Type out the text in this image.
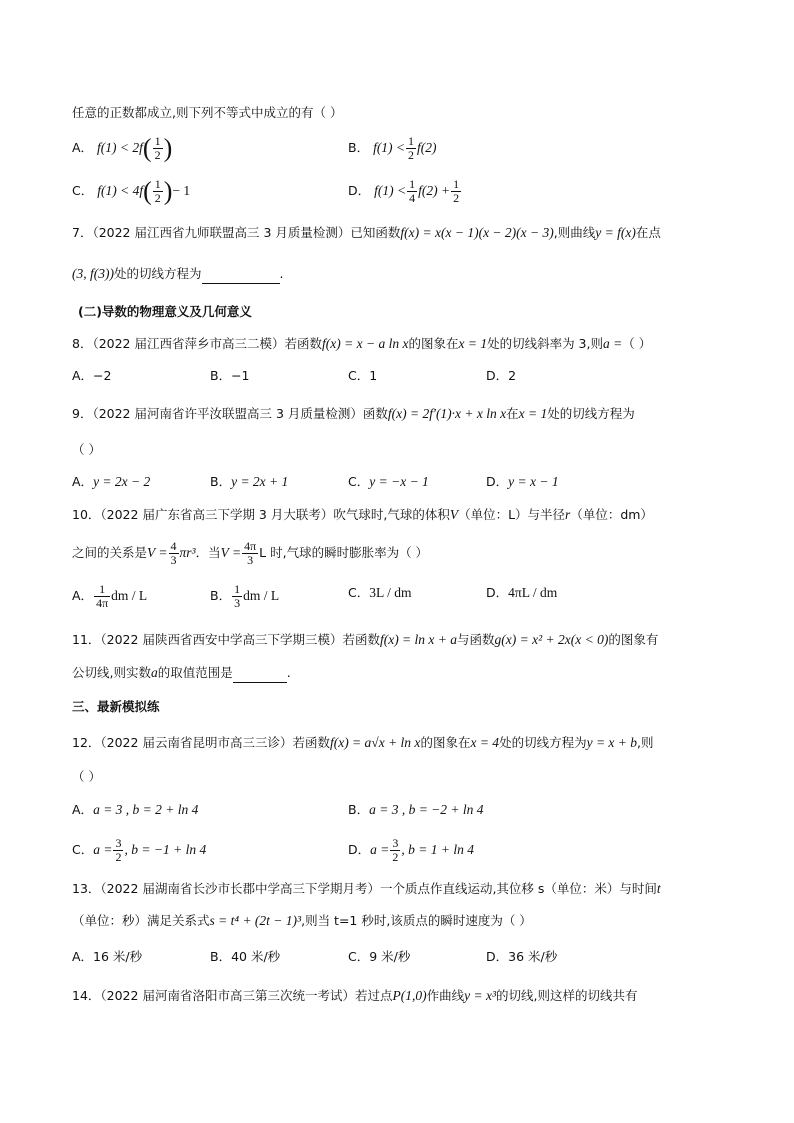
任意的正数都成立,则下列不等式中成立的有（ ）
A． $f(1) < 2f( \frac{1}{2}$ )	B． $f(1) < \frac{1}{2} f(2)$
C． $f(1) < 4f( \frac{1}{2}$ )− 1	D． $f(1) < \frac{1}{4} f(2) + \frac{1}{2}$
7．（2022 届江西省九师联盟高三 3 月质量检测）已知函数f(x) = x(x − 1)(x − 2)(x − 3),则曲线y = f(x)在点
(3, f(3))处的切线方程为	.
(二)导数的物理意义及几何意义
8．（2022 届江西省萍乡市高三二模）若函数f(x) = x − a ln x的图象在x = 1处的切线斜率为 3,则a =（ ）
A．−2	B．−1	C．1	D．2
9．（2022 届河南省许平汝联盟高三 3 月质量检测）函数f(x) = 2f′(1)·x + x ln x在x = 1处的切线方程为
（ ）
A．y = 2x − 2	B．y = 2x + 1	C．y = −x − 1	D．y = x − 1
10．（2022 届广东省高三下学期 3 月大联考）吹气球时,气球的体积V（单位：L）与半径r（单位：dm）
之间的关系是$V = \frac{4}{3} \pi r^3$．当$V = \frac{4\pi}{3}$ L 时,气球的瞬时膨胀率为（ ）
A． $\frac{1}{4\pi}$ dm / L	B． $\frac{1}{3}$ dm / L	C．3L / dm	D．4πL / dm
11．（2022 届陕西省西安中学高三下学期三模）若函数f(x) = ln x + a与函数g(x) = x² + 2x(x < 0)的图象有
公切线,则实数a的取值范围是	.
三、最新模拟练
12．（2022 届云南省昆明市高三三诊）若函数f(x) = a√x + ln x的图象在x = 4处的切线方程为y = x + b,则
（ ）
A．a = 3 , b = 2 + ln 4	B．a = 3 , b = −2 + ln 4
C．$a = \frac{3}{2}$ , b = −1 + ln 4	D．$a = \frac{3}{2}$ , b = 1 + ln 4
13．（2022 届湖南省长沙市长郡中学高三下学期月考）一个质点作直线运动,其位移 s（单位：米）与时间t
（单位：秒）满足关系式s = t⁴ + (2t − 1)³,则当 t=1 秒时,该质点的瞬时速度为（ ）
A．16 米/秒	B．40 米/秒	C．9 米/秒	D．36 米/秒
14．（2022 届河南省洛阳市高三第三次统一考试）若过点P(1,0)作曲线y = x³的切线,则这样的切线共有
